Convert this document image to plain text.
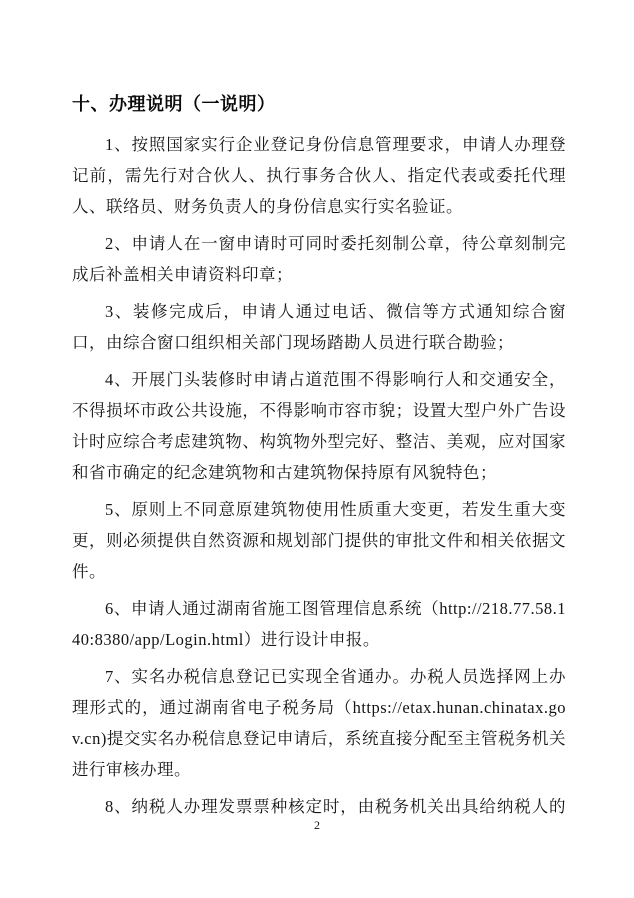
十、办理说明（一说明）

1、按照国家实行企业登记身份信息管理要求，申请人办理登记前，需先行对合伙人、执行事务合伙人、指定代表或委托代理人、联络员、财务负责人的身份信息实行实名验证。

2、申请人在一窗申请时可同时委托刻制公章，待公章刻制完成后补盖相关申请资料印章；

3、装修完成后，申请人通过电话、微信等方式通知综合窗口，由综合窗口组织相关部门现场踏勘人员进行联合勘验；

4、开展门头装修时申请占道范围不得影响行人和交通安全，不得损坏市政公共设施，不得影响市容市貌；设置大型户外广告设计时应综合考虑建筑物、构筑物外型完好、整洁、美观，应对国家和省市确定的纪念建筑物和古建筑物保持原有风貌特色；

5、原则上不同意原建筑物使用性质重大变更，若发生重大变更，则必须提供自然资源和规划部门提供的审批文件和相关依据文件。

6、申请人通过湖南省施工图管理信息系统（http://218.77.58.140:8380/app/Login.html）进行设计申报。

7、实名办税信息登记已实现全省通办。办税人员选择网上办理形式的，通过湖南省电子税务局（https://etax.hunan.chinatax.gov.cn)提交实名办税信息登记申请后，系统直接分配至主管税务机关进行审核办理。

8、纳税人办理发票票种核定时，由税务机关出具给纳税人的

2
